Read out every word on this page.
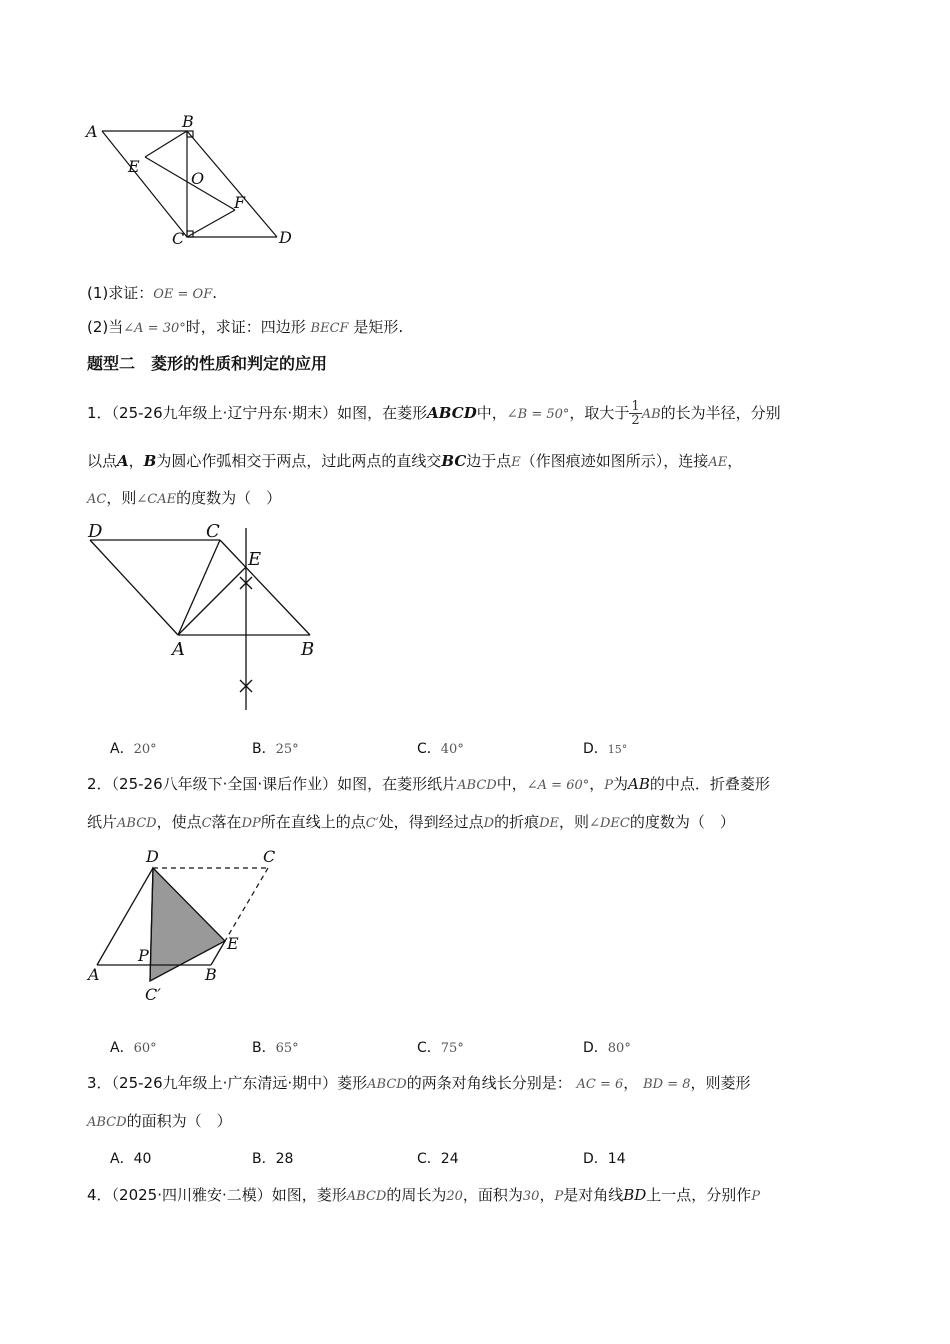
A
B
E
O
F
C	D
(1)求证：OE = OF.
(2)当∠A = 30°时，求证：四边形 BECF 是矩形.
题型二　菱形的性质和判定的应用
1．（25-26九年级上·辽宁丹东·期末）如图，在菱形ABCD中，∠B = 50°，取大于 $\frac{1}{2}$ AB的长为半径，分别
以点A，B为圆心作弧相交于两点，过此两点的直线交BC边于点E（作图痕迹如图所示），连接AE，
AC，则∠CAE的度数为（　）
D	C
E
A	B
A．20°	B．25°	C．40°	D．15°
2．（25-26八年级下·全国·课后作业）如图，在菱形纸片ABCD中，∠A = 60°，P为AB的中点．折叠菱形
纸片ABCD，使点C落在DP所在直线上的点C′处，得到经过点D的折痕DE，则∠DEC的度数为（　）
D	C
E
P
A	B
C′
A．60°	B．65°	C．75°	D．80°
3．（25-26九年级上·广东清远·期中）菱形ABCD的两条对角线长分别是： AC = 6， BD = 8，则菱形
ABCD的面积为（　）
A．40	B．28	C．24	D．14
4．（2025·四川雅安·二模）如图，菱形ABCD的周长为20，面积为30，P是对角线BD上一点，分别作P
